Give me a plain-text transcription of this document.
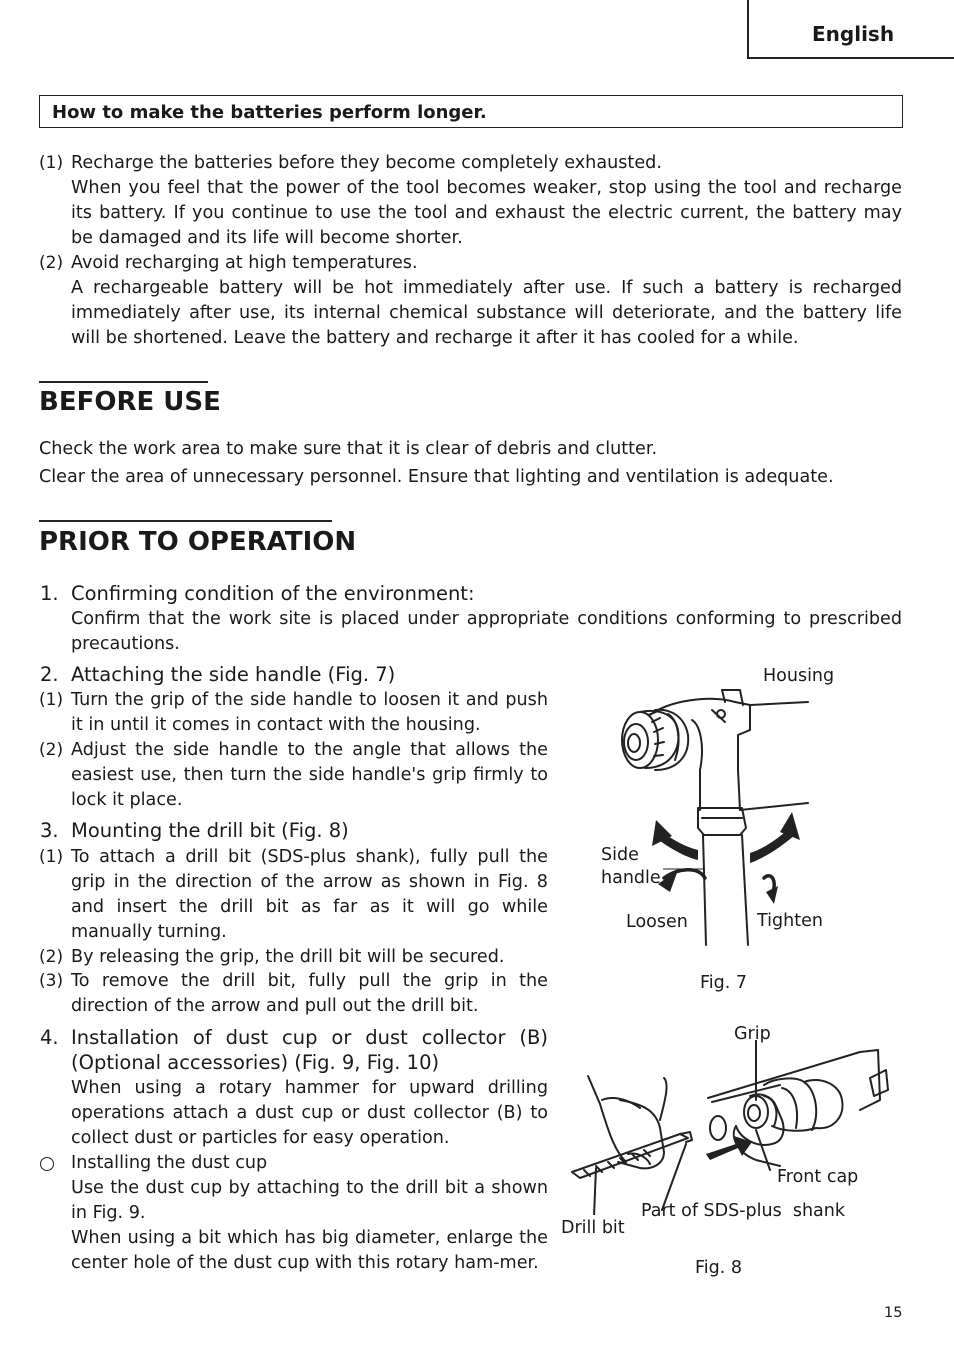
English
How to make the batteries perform longer.
(1) Recharge the batteries before they become completely exhausted.
When you feel that the power of the tool becomes weaker, stop using the tool and recharge its battery. If you continue to use the tool and exhaust the electric current, the battery may be damaged and its life will become shorter.
(2) Avoid recharging at high temperatures.
A rechargeable battery will be hot immediately after use. If such a battery is recharged immediately after use, its internal chemical substance will deteriorate, and the battery life will be shortened. Leave the battery and recharge it after it has cooled for a while.
BEFORE USE
Check the work area to make sure that it is clear of debris and clutter.
Clear the area of unnecessary personnel. Ensure that lighting and ventilation is adequate.
PRIOR TO OPERATION
1. Confirming condition of the environment:
Confirm that the work site is placed under appropriate conditions conforming to prescribed precautions.
2. Attaching the side handle (Fig. 7)
(1) Turn the grip of the side handle to loosen it and push it in until it comes in contact with the housing.
(2) Adjust the side handle to the angle that allows the easiest use, then turn the side handle's grip firmly to lock it place.
3. Mounting the drill bit (Fig. 8)
(1) To attach a drill bit (SDS-plus shank), fully pull the grip in the direction of the arrow as shown in Fig. 8 and insert the drill bit as far as it will go while manually turning.
(2) By releasing the grip, the drill bit will be secured.
(3) To remove the drill bit, fully pull the grip in the direction of the arrow and pull out the drill bit.
4. Installation of dust cup or dust collector (B) (Optional accessories) (Fig. 9, Fig. 10)
When using a rotary hammer for upward drilling operations attach a dust cup or dust collector (B) to collect dust or particles for easy operation.
Installing the dust cup
Use the dust cup by attaching to the drill bit a shown in Fig. 9.
When using a bit which has big diameter, enlarge the center hole of the dust cup with this rotary ham-mer.
Housing
Side
handle
Loosen	Tighten
Fig. 7
Grip
Front cap
Part of SDS-plus  shank
Drill bit
Fig. 8
15
